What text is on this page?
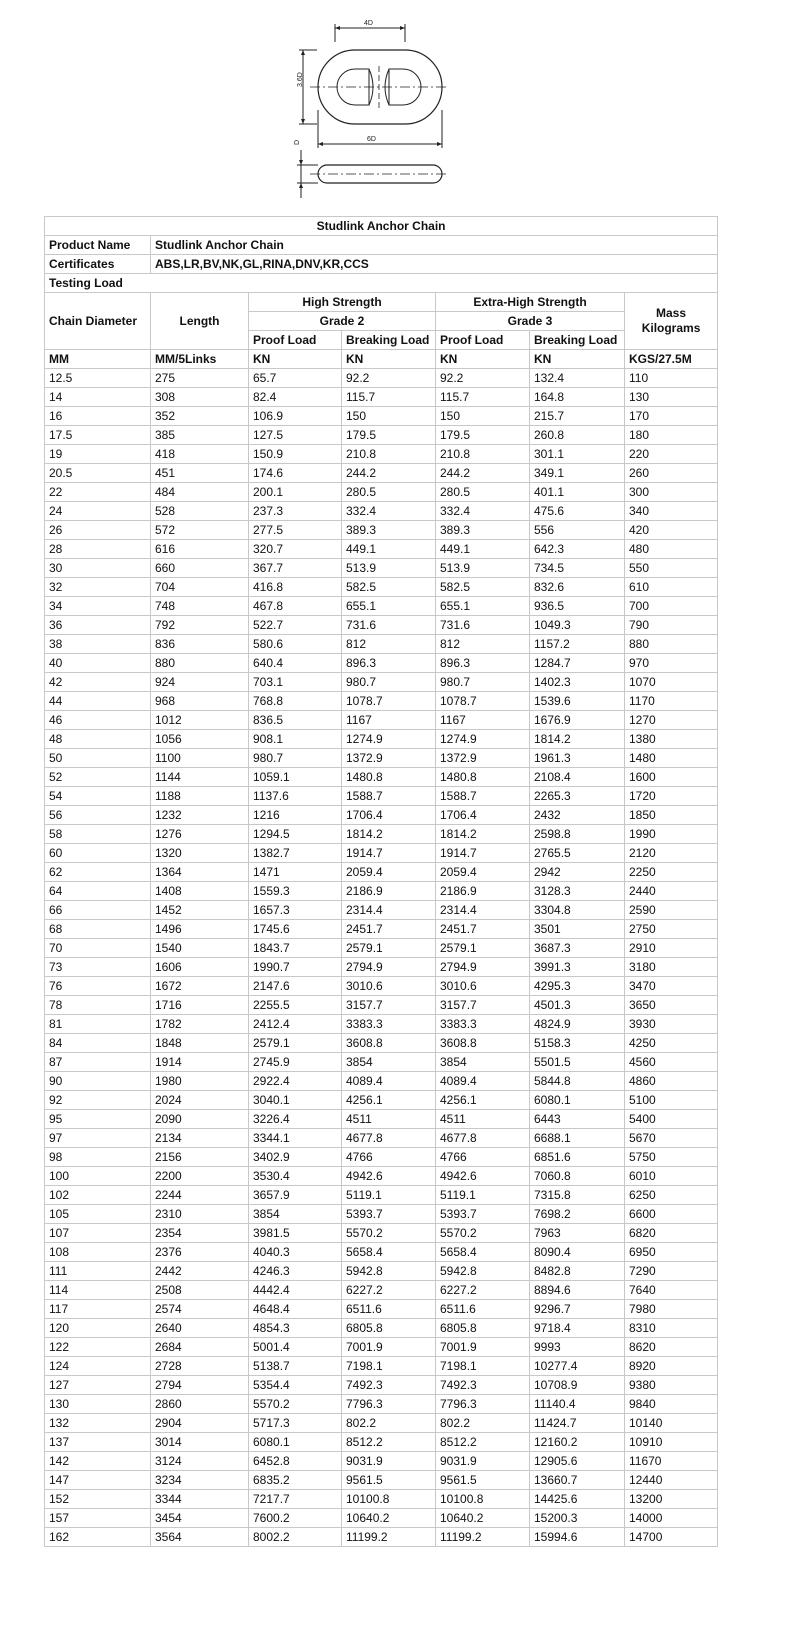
4D
3.6D
6D
D
Studlink Anchor Chain						
Product Name	Studlink Anchor Chain					
Certificates	ABS,LR,BV,NK,GL,RINA,DNV,KR,CCS					
Testing Load						
Chain Diameter	Length	High Strength		Extra-High Strength		Mass Kilograms
		Grade 2		Grade 3		
		Proof Load	Breaking Load	Proof Load	Breaking Load	
MM	MM/5Links	KN	KN	KN	KN	KGS/27.5M
12.5	275	65.7	92.2	92.2	132.4	110
14	308	82.4	115.7	115.7	164.8	130
16	352	106.9	150	150	215.7	170
17.5	385	127.5	179.5	179.5	260.8	180
19	418	150.9	210.8	210.8	301.1	220
20.5	451	174.6	244.2	244.2	349.1	260
22	484	200.1	280.5	280.5	401.1	300
24	528	237.3	332.4	332.4	475.6	340
26	572	277.5	389.3	389.3	556	420
28	616	320.7	449.1	449.1	642.3	480
30	660	367.7	513.9	513.9	734.5	550
32	704	416.8	582.5	582.5	832.6	610
34	748	467.8	655.1	655.1	936.5	700
36	792	522.7	731.6	731.6	1049.3	790
38	836	580.6	812	812	1157.2	880
40	880	640.4	896.3	896.3	1284.7	970
42	924	703.1	980.7	980.7	1402.3	1070
44	968	768.8	1078.7	1078.7	1539.6	1170
46	1012	836.5	1167	1167	1676.9	1270
48	1056	908.1	1274.9	1274.9	1814.2	1380
50	1100	980.7	1372.9	1372.9	1961.3	1480
52	1144	1059.1	1480.8	1480.8	2108.4	1600
54	1188	1137.6	1588.7	1588.7	2265.3	1720
56	1232	1216	1706.4	1706.4	2432	1850
58	1276	1294.5	1814.2	1814.2	2598.8	1990
60	1320	1382.7	1914.7	1914.7	2765.5	2120
62	1364	1471	2059.4	2059.4	2942	2250
64	1408	1559.3	2186.9	2186.9	3128.3	2440
66	1452	1657.3	2314.4	2314.4	3304.8	2590
68	1496	1745.6	2451.7	2451.7	3501	2750
70	1540	1843.7	2579.1	2579.1	3687.3	2910
73	1606	1990.7	2794.9	2794.9	3991.3	3180
76	1672	2147.6	3010.6	3010.6	4295.3	3470
78	1716	2255.5	3157.7	3157.7	4501.3	3650
81	1782	2412.4	3383.3	3383.3	4824.9	3930
84	1848	2579.1	3608.8	3608.8	5158.3	4250
87	1914	2745.9	3854	3854	5501.5	4560
90	1980	2922.4	4089.4	4089.4	5844.8	4860
92	2024	3040.1	4256.1	4256.1	6080.1	5100
95	2090	3226.4	4511	4511	6443	5400
97	2134	3344.1	4677.8	4677.8	6688.1	5670
98	2156	3402.9	4766	4766	6851.6	5750
100	2200	3530.4	4942.6	4942.6	7060.8	6010
102	2244	3657.9	5119.1	5119.1	7315.8	6250
105	2310	3854	5393.7	5393.7	7698.2	6600
107	2354	3981.5	5570.2	5570.2	7963	6820
108	2376	4040.3	5658.4	5658.4	8090.4	6950
111	2442	4246.3	5942.8	5942.8	8482.8	7290
114	2508	4442.4	6227.2	6227.2	8894.6	7640
117	2574	4648.4	6511.6	6511.6	9296.7	7980
120	2640	4854.3	6805.8	6805.8	9718.4	8310
122	2684	5001.4	7001.9	7001.9	9993	8620
124	2728	5138.7	7198.1	7198.1	10277.4	8920
127	2794	5354.4	7492.3	7492.3	10708.9	9380
130	2860	5570.2	7796.3	7796.3	11140.4	9840
132	2904	5717.3	802.2	802.2	11424.7	10140
137	3014	6080.1	8512.2	8512.2	12160.2	10910
142	3124	6452.8	9031.9	9031.9	12905.6	11670
147	3234	6835.2	9561.5	9561.5	13660.7	12440
152	3344	7217.7	10100.8	10100.8	14425.6	13200
157	3454	7600.2	10640.2	10640.2	15200.3	14000
162	3564	8002.2	11199.2	11199.2	15994.6	14700
